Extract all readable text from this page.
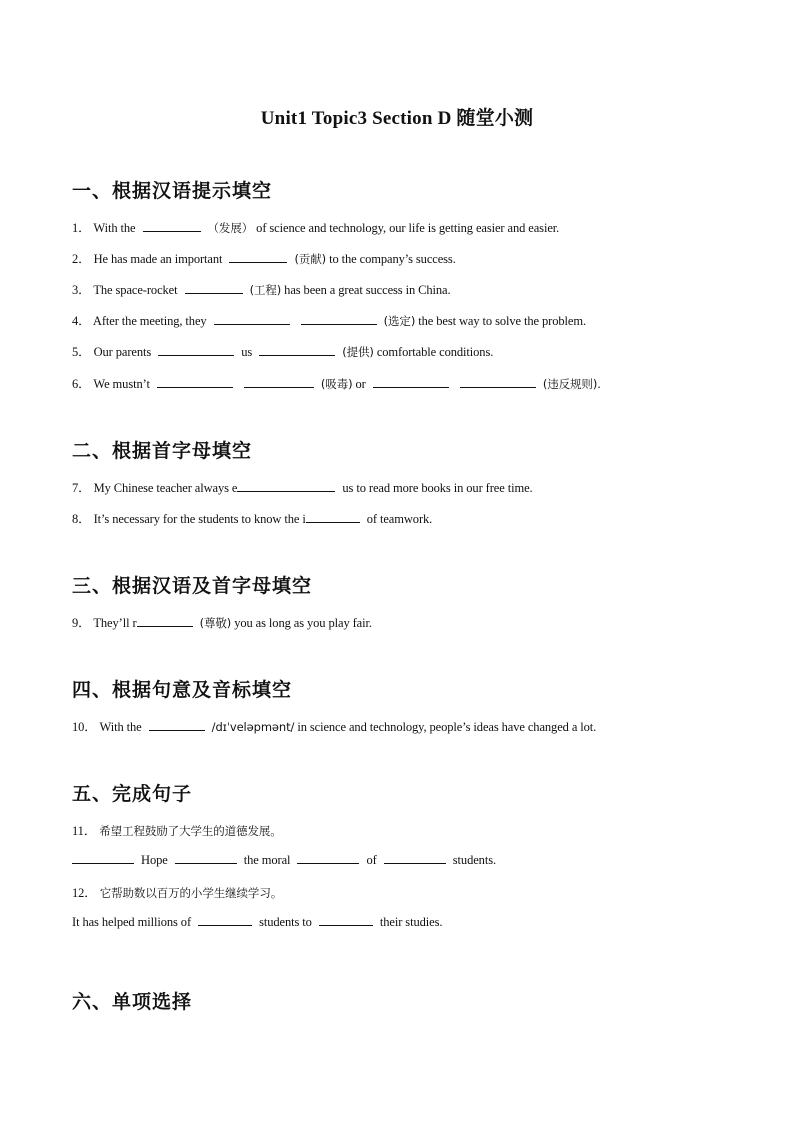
Unit1 Topic3 Section D 随堂小测
一、根据汉语提示填空
1． With the	（发展） of science and technology, our life is getting easier and easier.
2． He has made an important	(贡献) to the company’s success.
3． The space-rocket	(工程) has been a great success in China.
4． After the meeting, they	(选定) the best way to solve the problem.
5． Our parents	us	(提供) comfortable conditions.
6． We mustn’t	(吸毒) or	(违反规则).
二、根据首字母填空
7． My Chinese teacher always e	us to read more books in our free time.
8． It’s necessary for the students to know the i	of teamwork.
三、根据汉语及首字母填空
9． They’ll r	(尊敬) you as long as you play fair.
四、根据句意及音标填空
10． With the	/dɪˈveləpmənt/ in science and technology, people’s ideas have changed a lot.
五、完成句子
11． 希望工程鼓励了大学生的道德发展。
Hope	the moral	of	students.
12． 它帮助数以百万的小学生继续学习。
It has helped millions of	students to	their studies.
六、单项选择
